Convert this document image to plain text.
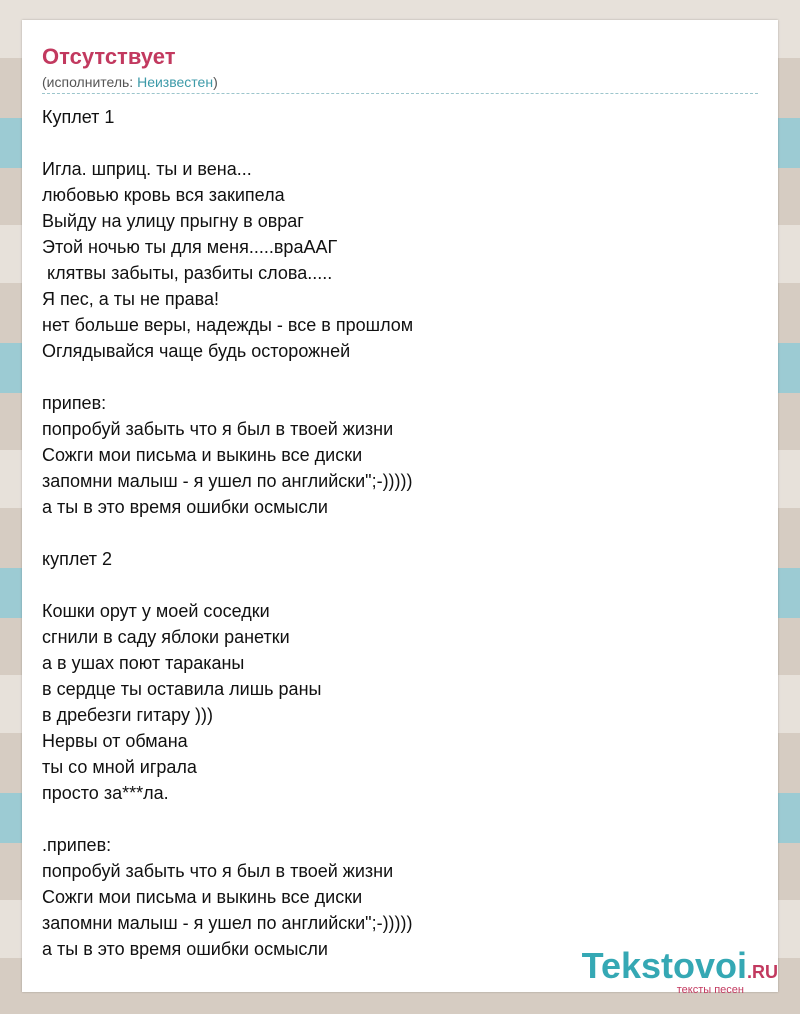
Отсутствует
(исполнитель: Неизвестен)
Куплет 1

Игла. шприц. ты и вена...
любовью кровь вся закипела
Выйду на улицу прыгну в овраг
Этой ночью ты для меня.....враААГ
клятвы забыты, разбиты слова.....
Я пес, а ты не права!
нет больше веры, надежды - все в прошлом
Оглядывайся чаще будь осторожней

припев:
попробуй забыть что я был в твоей жизни
Сожги мои письма и выкинь все диски
запомни малыш - я ушел по английски";-)))))
а ты в это время ошибки осмысли

куплет 2

Кошки орут у моей соседки
сгнили в саду яблоки ранетки
а в ушах поют тараканы
в сердце ты оставила лишь раны
в дребезги гитару )))
Нервы от обмана
ты со мной играла
просто за***ла.

.припев:
попробуй забыть что я был в твоей жизни
Сожги мои письма и выкинь все диски
запомни малыш - я ушел по английски";-)))))
а ты в это время ошибки осмысли	Tekstovoi.RU
тексты песен
